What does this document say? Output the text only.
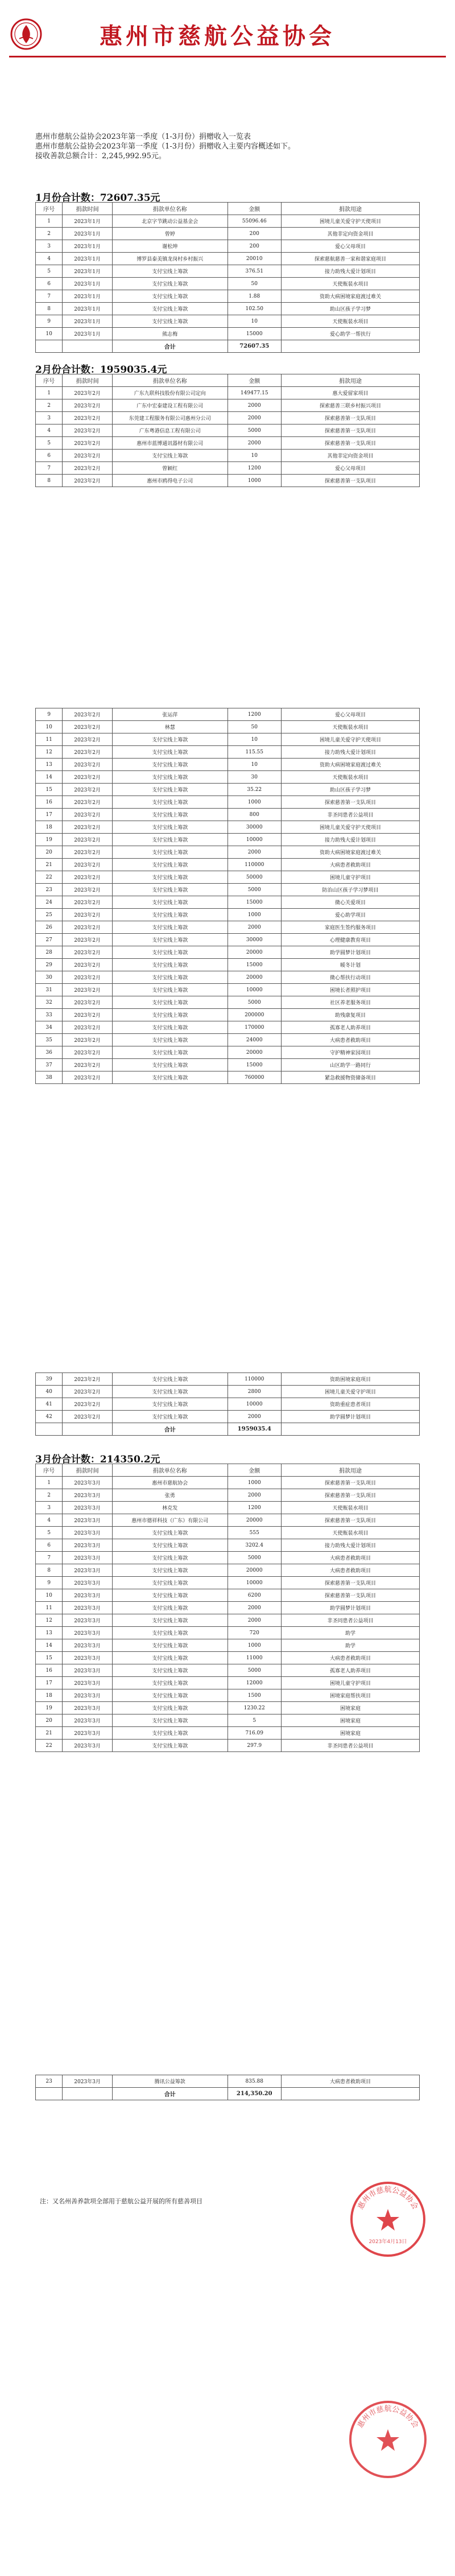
惠州市慈航公益协会
惠州市慈航公益协会2023年第一季度（1-3月份）捐赠收入一览表
惠州市慈航公益协会2023年第一季度（1-3月份）捐赠收入主要内容概述如下。
接收善款总额合计：2,245,992.95元。
1月份合计数：72607.35元
序号	捐款时间	捐款单位名称	金额	捐款用途
1	2023年1月	北京字节跳动公益基金会	55096.46	困境儿童关爱守护天使项目
2	2023年1月	曾婷	200	其他非定向资金项目
3	2023年1月	谢松坤	200	爱心父母项目
4	2023年1月	博罗县泰美镇龙岗村乡村振兴	20010	探索慈航慈善一家和谐家庭项目
5	2023年1月	支付宝线上筹款	376.51	接力助残大爱计划项目
6	2023年1月	支付宝线上筹款	50	天使瓶装水项目
7	2023年1月	支付宝线上筹款	1.88	资助大病困境家庭渡过难关
8	2023年1月	支付宝线上筹款	102.50	助山区孩子学习梦
9	2023年1月	支付宝线上筹款	10	天使瓶装水项目
10	2023年1月	熊志梅	15000	爱心助学一帮扶行
		合计	72607.35	
2月份合计数：1959035.4元
序号	捐款时间	捐款单位名称	金额	捐款用途
1	2023年2月	广东九联科技股份有限公司定向	149477.15	惠大爱留家项目
2	2023年2月	广东中宏泰建设工程有限公司	2000	探索慈善三联乡村振兴项目
3	2023年2月	东莞建工程服务有限公司惠州分公司	2000	探索慈善第一支队项目
4	2023年2月	广东粤港信息工程有限公司	5000	探索慈善第一支队项目
5	2023年2月	惠州市蓝博通讯器材有限公司	2000	探索慈善第一支队项目
6	2023年2月	支付宝线上筹款	10	其他非定向资金项目
7	2023年2月	曾颖红	1200	爱心父母项目
8	2023年2月	惠州市鸥得电子公司	1000	探索慈善第一支队项目
9	2023年2月	张运萍	1200	爱心父母项目
10	2023年2月	林慧	50	天使瓶装水项目
11	2023年2月	支付宝线上筹款	10	困境儿童关爱守护天使项目
12	2023年2月	支付宝线上筹款	115.55	接力助残大爱计划项目
13	2023年2月	支付宝线上筹款	10	资助大病困境家庭渡过难关
14	2023年2月	支付宝线上筹款	30	天使瓶装水项目
15	2023年2月	支付宝线上筹款	35.22	助山区孩子学习梦
16	2023年2月	支付宝线上筹款	1000	探索慈善第一支队项目
17	2023年2月	支付宝线上筹款	800	非圣同患者公益项目
18	2023年2月	支付宝线上筹款	30000	困境儿童关爱守护天使项目
19	2023年2月	支付宝线上筹款	10000	接力助残大爱计划项目
20	2023年2月	支付宝线上筹款	2000	资助大病困境家庭渡过难关
21	2023年2月	支付宝线上筹款	110000	大病患者救助项目
22	2023年2月	支付宝线上筹款	50000	困境儿童守护项目
23	2023年2月	支付宝线上筹款	5000	防治山区孩子学习梦项目
24	2023年2月	支付宝线上筹款	15000	微心关爱项目
25	2023年2月	支付宝线上筹款	1000	爱心助学项目
26	2023年2月	支付宝线上筹款	2000	家庭医生签约服务项目
27	2023年2月	支付宝线上筹款	30000	心理健康教育项目
28	2023年2月	支付宝线上筹款	20000	助学圆梦计划项目
29	2023年2月	支付宝线上筹款	15000	暖冬计划
30	2023年2月	支付宝线上筹款	20000	微心帮扶行动项目
31	2023年2月	支付宝线上筹款	10000	困境长者照护项目
32	2023年2月	支付宝线上筹款	5000	社区养老服务项目
33	2023年2月	支付宝线上筹款	200000	助残康复项目
34	2023年2月	支付宝线上筹款	170000	孤寡老人助养项目
35	2023年2月	支付宝线上筹款	24000	大病患者救助项目
36	2023年2月	支付宝线上筹款	20000	守护精神家园项目
37	2023年2月	支付宝线上筹款	15000	山区助学一路同行
38	2023年2月	支付宝线上筹款	760000	紧急救援物资储备项目
39	2023年2月	支付宝线上筹款	110000	资助困境家庭项目
40	2023年2月	支付宝线上筹款	2800	困境儿童关爱守护项目
41	2023年2月	支付宝线上筹款	10000	资助重症患者项目
42	2023年2月	支付宝线上筹款	2000	助学圆梦计划项目
		合计	1959035.4	
3月份合计数：214350.2元
序号	捐款时间	捐款单位名称	金额	捐款用途
1	2023年3月	惠州市慈航协会	1000	探索慈善第一支队项目
2	2023年3月	张勇	2000	探索慈善第一支队项目
3	2023年3月	林克发	1200	天使瓶装水项目
4	2023年3月	惠州市德祥科技（广东）有限公司	20000	探索慈善第一支队项目
5	2023年3月	支付宝线上筹款	555	天使瓶装水项目
6	2023年3月	支付宝线上筹款	3202.4	接力助残大爱计划项目
7	2023年3月	支付宝线上筹款	5000	大病患者救助项目
8	2023年3月	支付宝线上筹款	20000	大病患者救助项目
9	2023年3月	支付宝线上筹款	10000	探索慈善第一支队项目
10	2023年3月	支付宝线上筹款	6200	探索慈善第一支队项目
11	2023年3月	支付宝线上筹款	2000	助学圆梦计划项目
12	2023年3月	支付宝线上筹款	2000	非圣同患者公益项目
13	2023年3月	支付宝线上筹款	720	助学
14	2023年3月	支付宝线上筹款	1000	助学
15	2023年3月	支付宝线上筹款	11000	大病患者救助项目
16	2023年3月	支付宝线上筹款	5000	孤寡老人助养项目
17	2023年3月	支付宝线上筹款	12000	困境儿童守护项目
18	2023年3月	支付宝线上筹款	1500	困境家庭帮扶项目
19	2023年3月	支付宝线上筹款	1230.22	困境家庭
20	2023年3月	支付宝线上筹款	5	困境家庭
21	2023年3月	支付宝线上筹款	716.09	困境家庭
22	2023年3月	支付宝线上筹款	297.9	非圣同患者公益项目
23	2023年3月	腾讯公益筹款	835.88	大病患者救助项目
		合计	214,350.20	
注：又名州善养款项全部用于慈航公益开展的所有慈善项目	惠州市慈航公益协会
2023年4月13日
惠州市慈航公益协会
